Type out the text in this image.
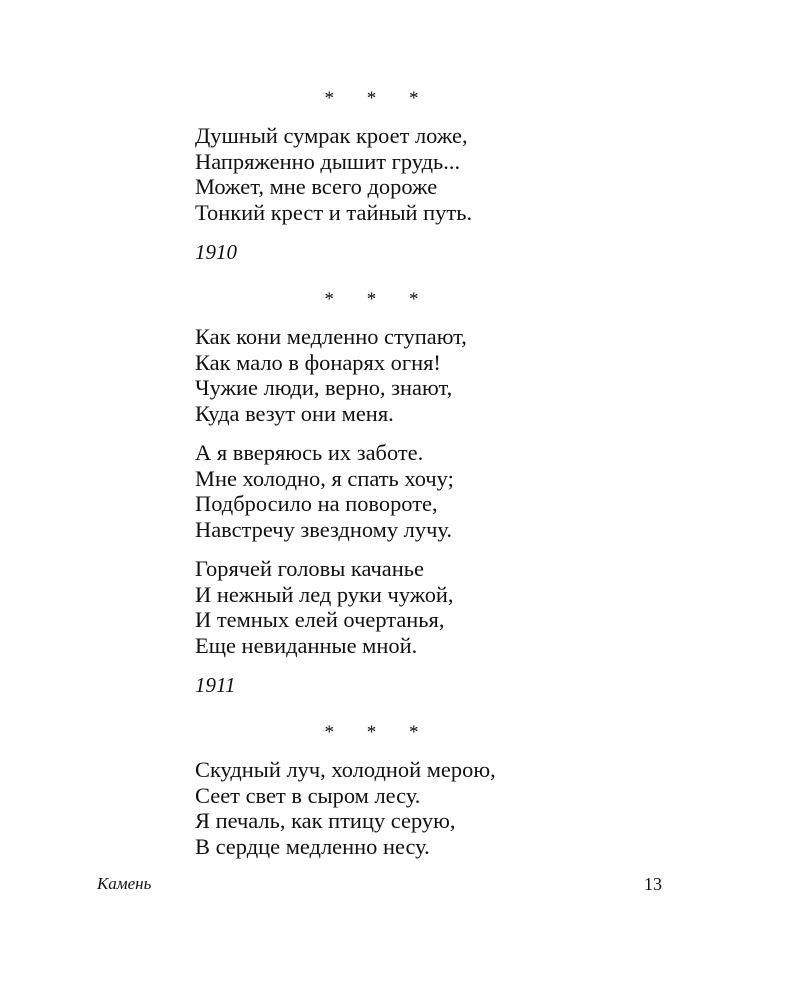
* * *
Душный сумрак кроет ложе,
Напряженно дышит грудь...
Может, мне всего дороже
Тонкий крест и тайный путь.
1910
* * *
Как кони медленно ступают,
Как мало в фонарях огня!
Чужие люди, верно, знают,
Куда везут они меня.
А я вверяюсь их заботе.
Мне холодно, я спать хочу;
Подбросило на повороте,
Навстречу звездному лучу.
Горячей головы качанье
И нежный лед руки чужой,
И темных елей очертанья,
Еще невиданные мной.
1911
* * *
Скудный луч, холодной мерою,
Сеет свет в сыром лесу.
Я печаль, как птицу серую,
В сердце медленно несу.
Камень	13
